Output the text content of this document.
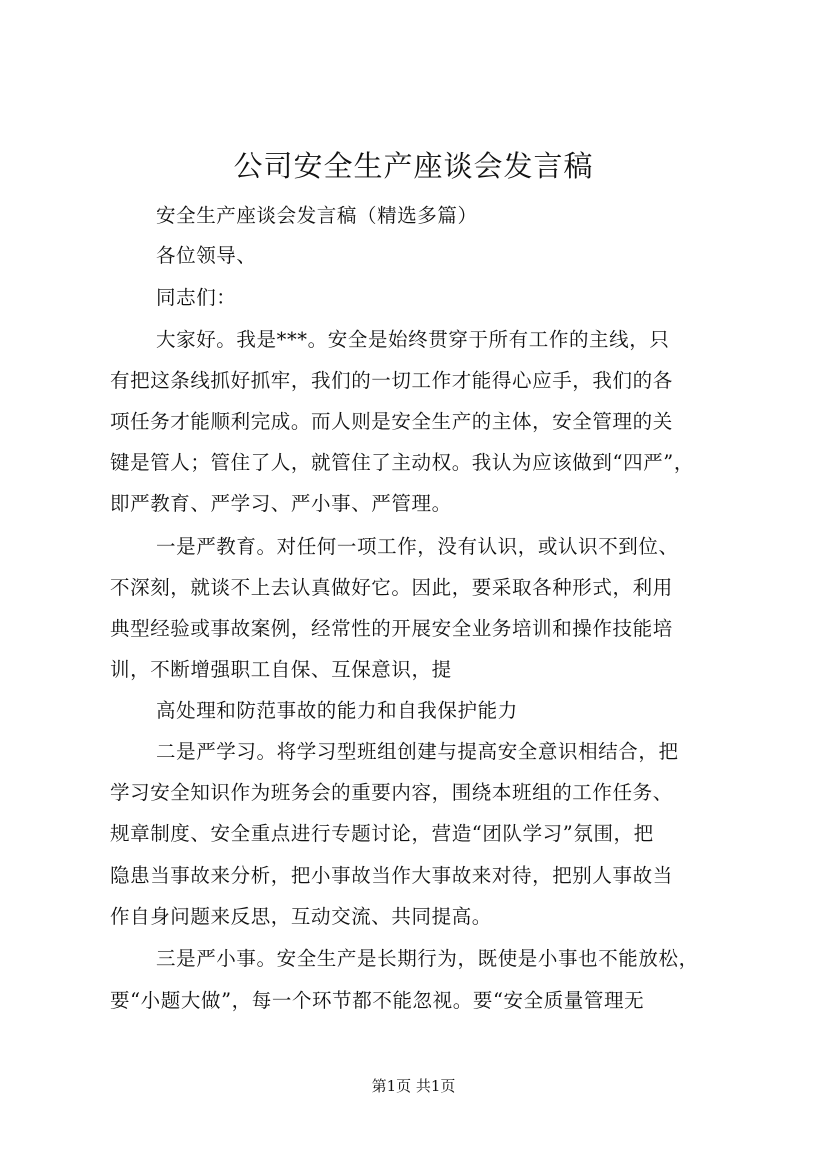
公司安全生产座谈会发言稿

安全生产座谈会发言稿（精选多篇）

各位领导、

同志们：

大家好。我是***。安全是始终贯穿于所有工作的主线，只

有把这条线抓好抓牢，我们的一切工作才能得心应手，我们的各

项任务才能顺利完成。而人则是安全生产的主体，安全管理的关

键是管人；管住了人，就管住了主动权。我认为应该做到“四严”，

即严教育、严学习、严小事、严管理。

一是严教育。对任何一项工作，没有认识，或认识不到位、

不深刻，就谈不上去认真做好它。因此，要采取各种形式，利用

典型经验或事故案例，经常性的开展安全业务培训和操作技能培

训，不断增强职工自保、互保意识，提

高处理和防范事故的能力和自我保护能力

二是严学习。将学习型班组创建与提高安全意识相结合，把

学习安全知识作为班务会的重要内容，围绕本班组的工作任务、

规章制度、安全重点进行专题讨论，营造“团队学习”氛围，把

隐患当事故来分析，把小事故当作大事故来对待，把别人事故当

作自身问题来反思，互动交流、共同提高。

三是严小事。安全生产是长期行为，既使是小事也不能放松，

要“小题大做”，每一个环节都不能忽视。要“安全质量管理无

第1页 共1页
